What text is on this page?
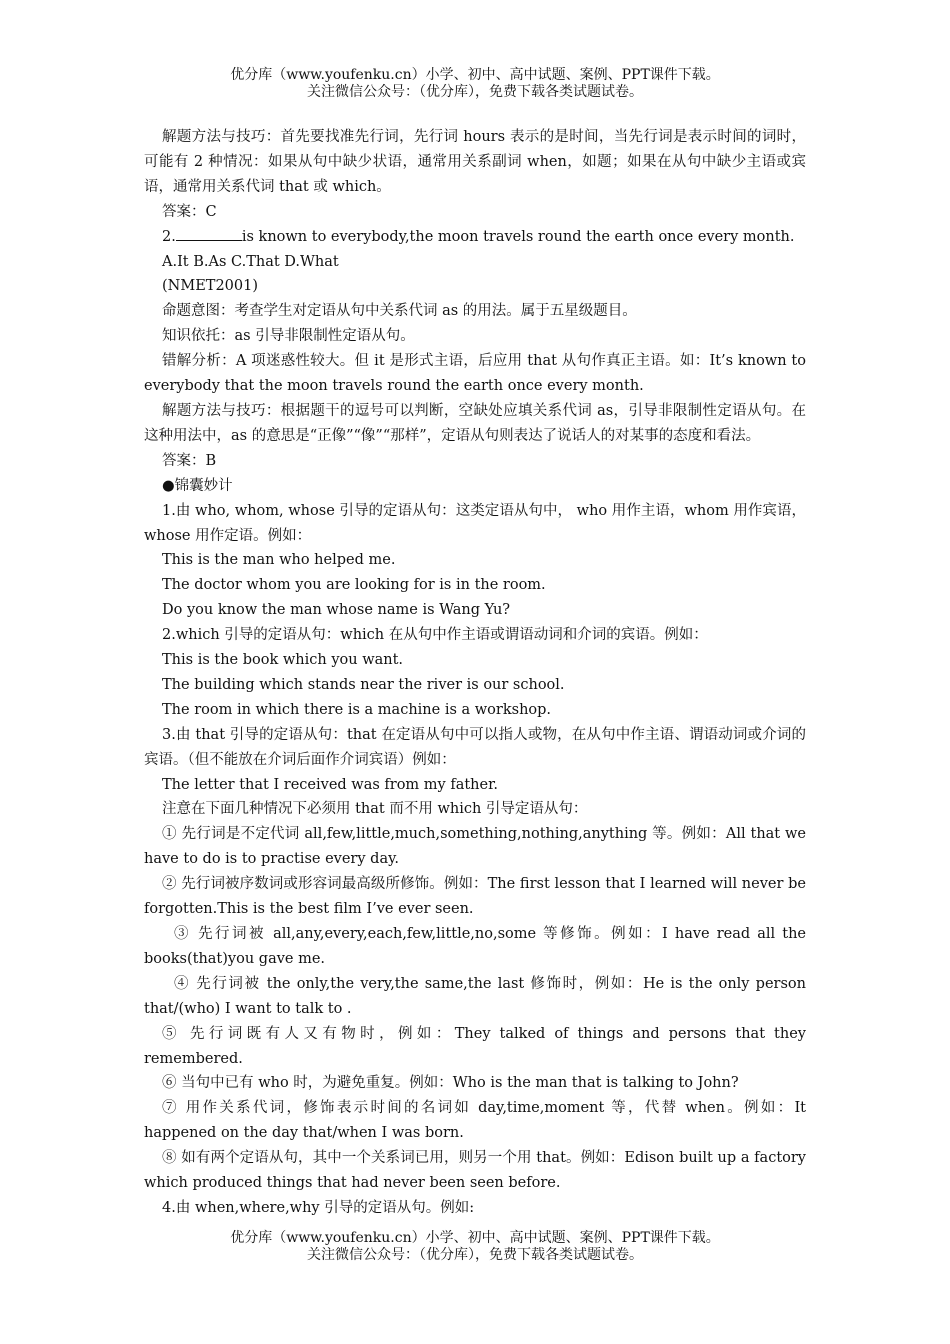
优分库（www.youfenku.cn）小学、初中、高中试题、案例、PPT课件下载。
关注微信公众号：（优分库），免费下载各类试题试卷。

解题方法与技巧：首先要找准先行词，先行词 hours 表示的是时间，当先行词是表示时间的词时，可能有 2 种情况：如果从句中缺少状语，通常用关系副词 when，如题；如果在从句中缺少主语或宾语，通常用关系代词 that 或 which。

答案：C

2.	is known to everybody,the moon travels round the earth once every month.

A.It B.As C.That D.What

(NMET2001)

命题意图：考查学生对定语从句中关系代词 as 的用法。属于五星级题目。

知识依托：as 引导非限制性定语从句。

错解分析：A 项迷惑性较大。但 it 是形式主语，后应用 that 从句作真正主语。如：It’s known to everybody that the moon travels round the earth once every month.

解题方法与技巧：根据题干的逗号可以判断，空缺处应填关系代词 as，引导非限制性定语从句。在这种用法中，as 的意思是“正像”“像”“那样”，定语从句则表达了说话人的对某事的态度和看法。

答案：B

●锦囊妙计

1.由 who, whom, whose 引导的定语从句：这类定语从句中， who 用作主语，whom 用作宾语，whose 用作定语。例如：

This is the man who helped me.

The doctor whom you are looking for is in the room.

Do you know the man whose name is Wang Yu?

2.which 引导的定语从句：which 在从句中作主语或谓语动词和介词的宾语。例如：

This is the book which you want.

The building which stands near the river is our school.

The room in which there is a machine is a workshop.

3.由 that 引导的定语从句：that 在定语从句中可以指人或物，在从句中作主语、谓语动词或介词的宾语。（但不能放在介词后面作介词宾语）例如：

The letter that I received was from my father.

注意在下面几种情况下必须用 that 而不用 which 引导定语从句：

① 先行词是不定代词 all,few,little,much,something,nothing,anything 等。例如：All that we have to do is to practise every day.

② 先行词被序数词或形容词最高级所修饰。例如：The first lesson that I learned will never be forgotten.This is the best film I’ve ever seen.

③ 先行词被 all,any,every,each,few,little,no,some 等修饰。例如：I have read all the books(that)you gave me.

④ 先行词被 the only,the very,the same,the last 修饰时，例如：He is the only person that/(who) I want to talk to .

⑤ 先行词既有人又有物时，例如：They talked of things and persons that they remembered.

⑥ 当句中已有 who 时，为避免重复。例如：Who is the man that is talking to John?

⑦ 用作关系代词，修饰表示时间的名词如 day,time,moment 等，代替 when。例如：It happened on the day that/when I was born.

⑧ 如有两个定语从句，其中一个关系词已用，则另一个用 that。例如：Edison built up a factory which produced things that had never been seen before.

4.由 when,where,why 引导的定语从句。例如:

优分库（www.youfenku.cn）小学、初中、高中试题、案例、PPT课件下载。
关注微信公众号：（优分库），免费下载各类试题试卷。
